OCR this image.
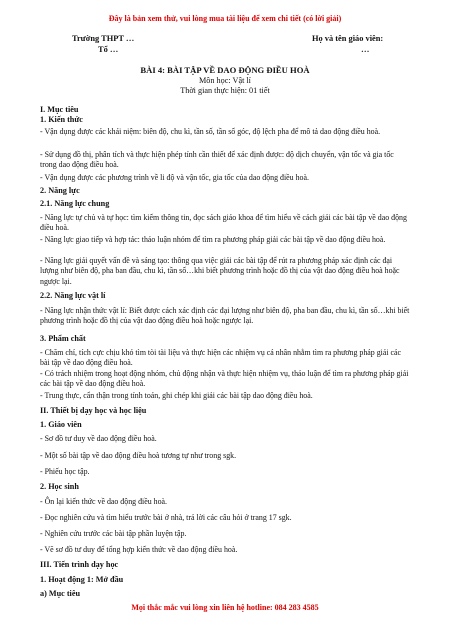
Đây là bản xem thử, vui lòng mua tài liệu để xem chi tiết (có lời giải)
Trường THPT …
Tổ …
Họ và tên giáo viên:
…
BÀI 4: BÀI TẬP VỀ DAO ĐỘNG ĐIỀU HOÀ
Môn học: Vật lí
Thời gian thực hiện: 01 tiết
I. Mục tiêu
1. Kiến thức
- Vận dụng được các khái niệm: biên độ, chu kì, tần số, tần số góc, độ lệch pha để mô tả dao động điều hoà.
- Sử dụng đồ thị, phân tích và thực hiện phép tính cần thiết để xác định được: độ dịch chuyển, vận tốc và gia tốc trong dao động điều hoà.
- Vận dụng được các phương trình về li độ và vận tốc, gia tốc của dao động điều hoà.
2. Năng lực
2.1. Năng lực chung
- Năng lực tự chủ và tự học: tìm kiếm thông tin, đọc sách giáo khoa để tìm hiểu về cách giải các bài tập về dao động điều hoà.
- Năng lực giao tiếp và hợp tác: thảo luận nhóm để tìm ra phương pháp giải các bài tập về dao động điều hoà.
- Năng lực giải quyết vấn đề và sáng tạo: thông qua việc giải các bài tập để rút ra phương pháp xác định các đại lượng như biên độ, pha ban đầu, chu kì, tần số…khi biết phương trình hoặc đồ thị của vật dao động điều hoà hoặc ngược lại.
2.2. Năng lực vật lí
- Năng lực nhận thức vật lí: Biết được cách xác định các đại lượng như biên độ, pha ban đầu, chu kì, tần số…khi biết phương trình hoặc đồ thị của vật dao động điều hoà hoặc ngược lại.
3. Phẩm chất
- Chăm chỉ, tích cực chịu khó tìm tòi tài liệu và thực hiện các nhiệm vụ cá nhân nhằm tìm ra phương pháp giải các bài tập về dao động điều hoà.
- Có trách nhiệm trong hoạt động nhóm, chủ động nhận và thực hiện nhiệm vụ, thảo luận để tìm ra phương pháp giải các bài tập về dao động điều hoà.
- Trung thực, cẩn thận trong tính toán, ghi chép khi giải các bài tập dao động điều hoà.
II. Thiết bị dạy học và học liệu
1. Giáo viên
- Sơ đồ tư duy về dao động điều hoà.
- Một số bài tập về dao động điều hoà tương tự như trong sgk.
- Phiếu học tập.
2. Học sinh
- Ôn lại kiến thức về dao động điều hoà.
- Đọc nghiên cứu và tìm hiểu trước bài ở nhà, trả lời các câu hỏi ở trang 17 sgk.
- Nghiên cứu trước các bài tập phần luyện tập.
- Vẽ sơ đồ tư duy để tổng hợp kiến thức về dao động điều hoà.
III. Tiến trình dạy học
1. Hoạt động 1: Mở đầu
a) Mục tiêu
Mọi thắc mắc vui lòng xin liên hệ hotline: 084 283 4585
